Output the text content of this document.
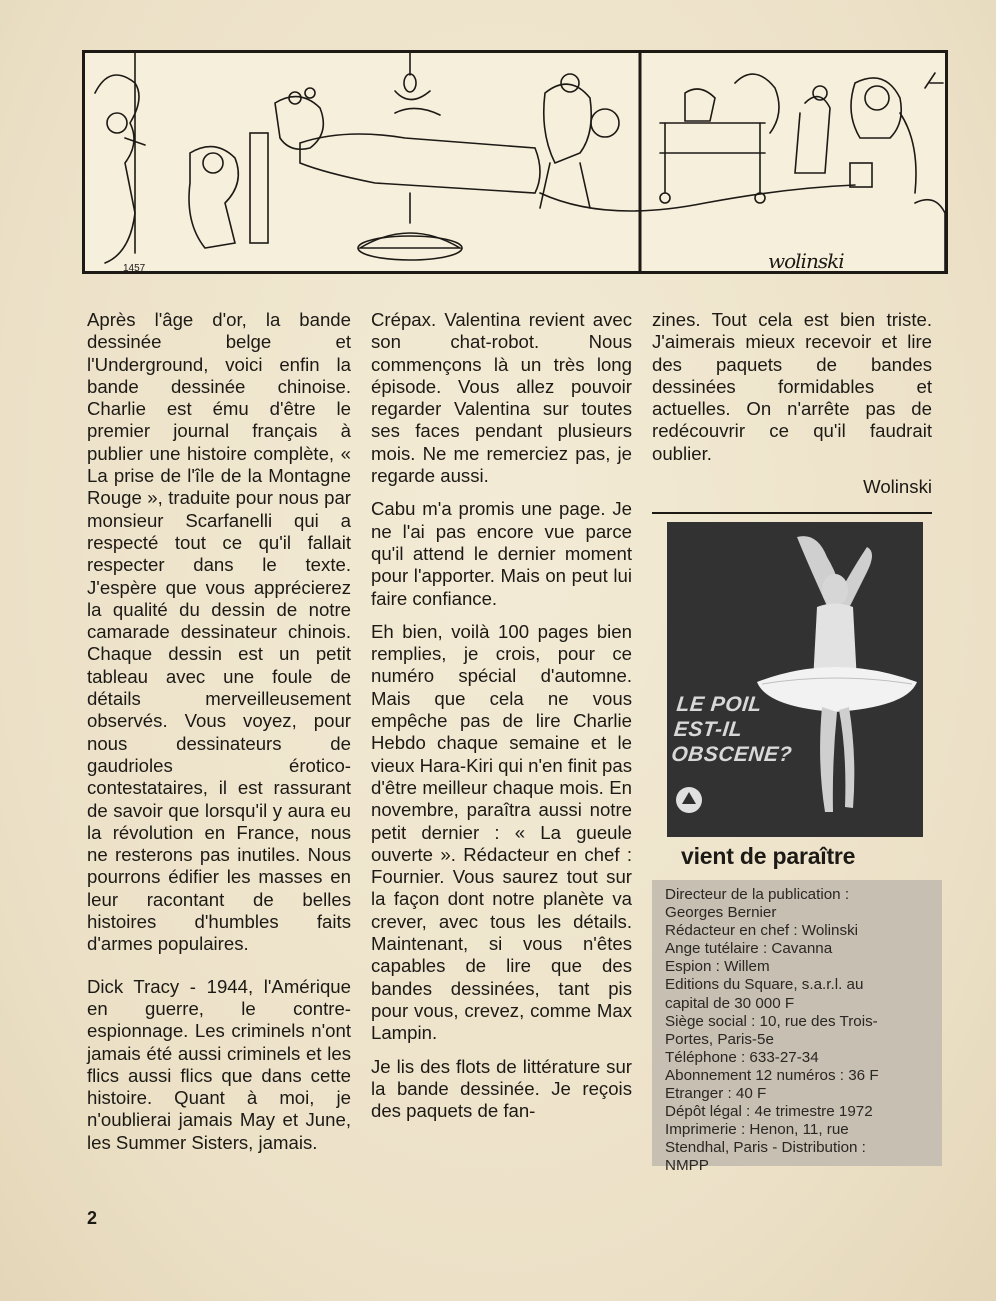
1457	wolinski

Après l'âge d'or, la bande dessinée belge et l'Underground, voici enfin la bande dessinée chinoise. Charlie est ému d'être le premier journal français à publier une histoire complète, « La prise de l'île de la Montagne Rouge », traduite pour nous par monsieur Scarfanelli qui a respecté tout ce qu'il fallait respecter dans le texte. J'espère que vous apprécierez la qualité du dessin de notre camarade dessinateur chinois. Chaque dessin est un petit tableau avec une foule de détails merveilleusement observés. Vous voyez, pour nous dessinateurs de gaudrioles érotico-contestataires, il est rassurant de savoir que lorsqu'il y aura eu la révolution en France, nous ne resterons pas inutiles. Nous pourrons édifier les masses en leur racontant de belles histoires d'humbles faits d'armes populaires.

Dick Tracy - 1944, l'Amérique en guerre, le contre-espionnage. Les criminels n'ont jamais été aussi criminels et les flics aussi flics que dans cette histoire. Quant à moi, je n'oublierai jamais May et June, les Summer Sisters, jamais.

Crépax. Valentina revient avec son chat-robot. Nous commençons là un très long épisode. Vous allez pouvoir regarder Valentina sur toutes ses faces pendant plusieurs mois. Ne me remerciez pas, je regarde aussi.

Cabu m'a promis une page. Je ne l'ai pas encore vue parce qu'il attend le dernier moment pour l'apporter. Mais on peut lui faire confiance.

Eh bien, voilà 100 pages bien remplies, je crois, pour ce numéro spécial d'automne. Mais que cela ne vous empêche pas de lire Charlie Hebdo chaque semaine et le vieux Hara-Kiri qui n'en finit pas d'être meilleur chaque mois. En novembre, paraîtra aussi notre petit dernier : « La gueule ouverte ». Rédacteur en chef : Fournier. Vous saurez tout sur la façon dont notre planète va crever, avec tous les détails. Maintenant, si vous n'êtes capables de lire que des bandes dessinées, tant pis pour vous, crevez, comme Max Lampin.

Je lis des flots de littérature sur la bande dessinée. Je reçois des paquets de fan-

zines. Tout cela est bien triste. J'aimerais mieux recevoir et lire des paquets de bandes dessinées formidables et actuelles. On n'arrête pas de redécouvrir ce qu'il faudrait oublier.

Wolinski
LE POIL
EST-IL
OBSCENE?
vient de paraître
Directeur de la publication :
Georges Bernier
Rédacteur en chef : Wolinski
Ange tutélaire : Cavanna
Espion : Willem
Editions du Square, s.a.r.l. au
capital de 30 000 F
Siège social : 10, rue des Trois-
Portes, Paris-5e
Téléphone : 633-27-34
Abonnement 12 numéros : 36 F
Etranger : 40 F
Dépôt légal : 4e trimestre 1972
Imprimerie : Henon, 11, rue
Stendhal, Paris - Distribution :
NMPP
2
